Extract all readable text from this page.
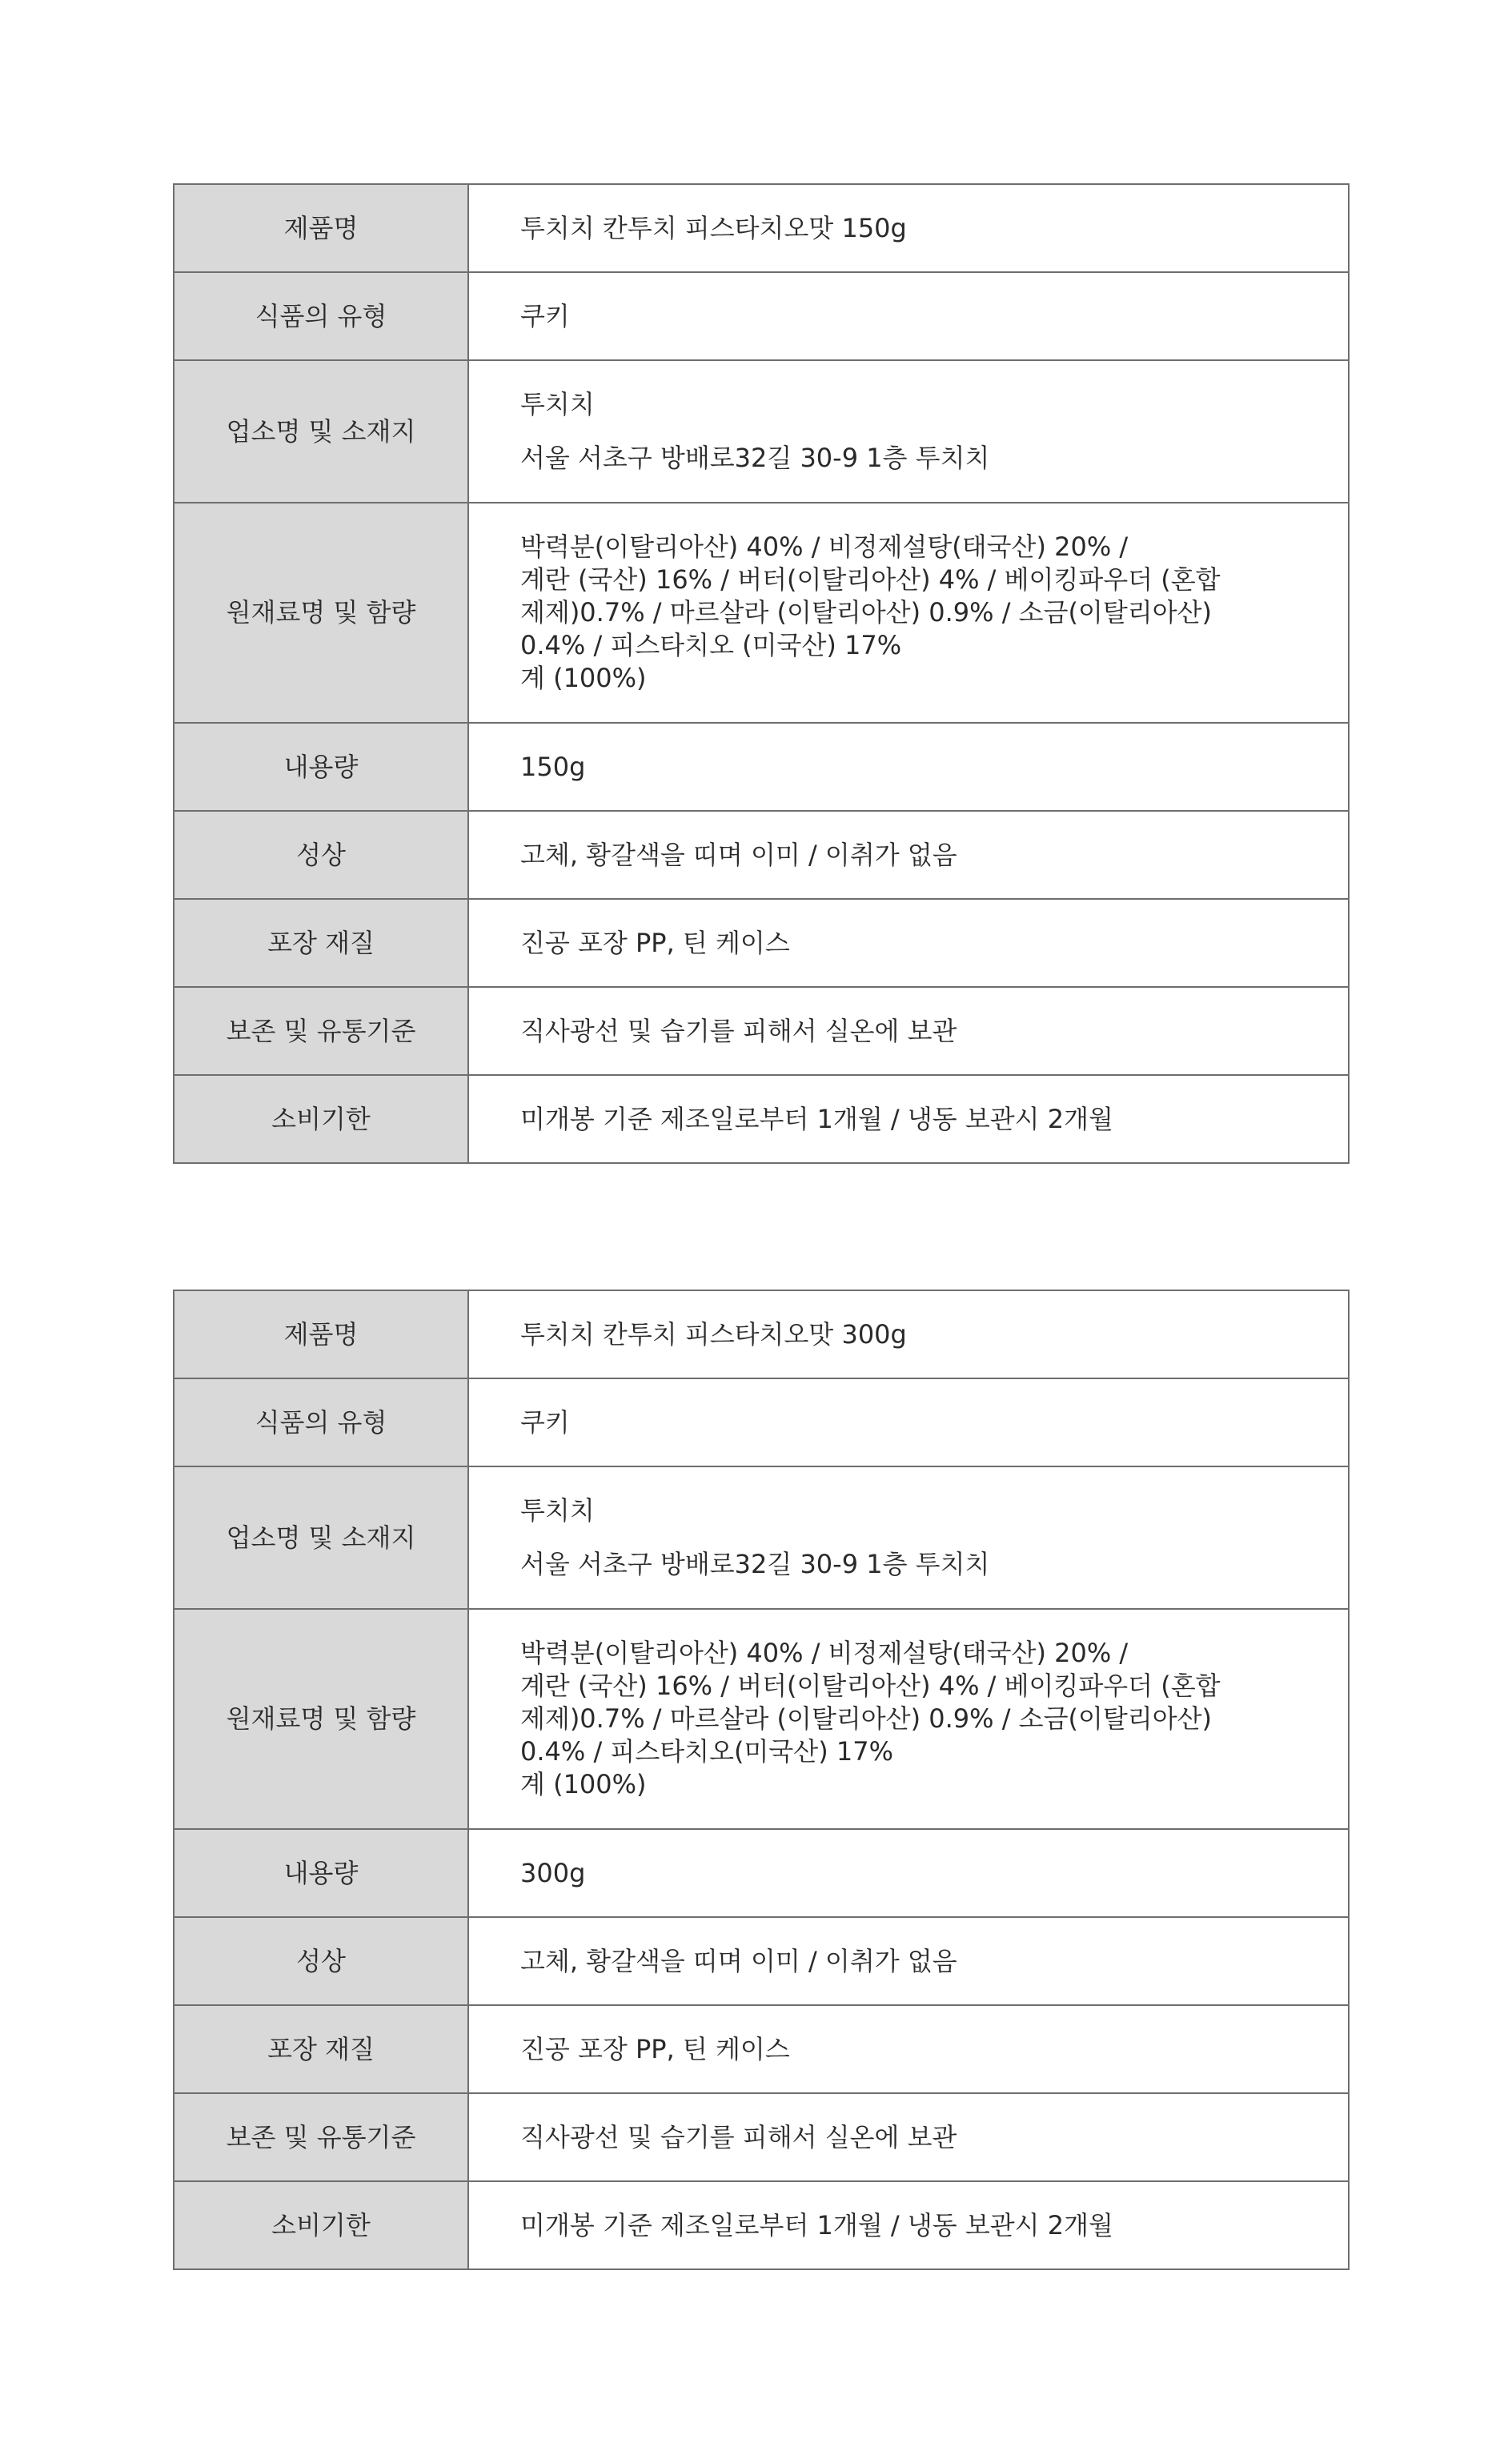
제품명	투치치 칸투치 피스타치오맛 150g
식품의 유형	쿠키
업소명 및 소재지	투치치
서울 서초구 방배로32길 30-9 1층 투치치

원재료명 및 함량	박력분(이탈리아산) 40% / 비정제설탕(태국산) 20% /
계란 (국산) 16% / 버터(이탈리아산) 4% / 베이킹파우더 (혼합
제제)0.7% / 마르살라 (이탈리아산) 0.9% / 소금(이탈리아산)
0.4% / 피스타치오 (미국산) 17%
계 (100%)

내용량	150g
성상	고체, 황갈색을 띠며 이미 / 이취가 없음
포장 재질	진공 포장 PP, 틴 케이스
보존 및 유통기준	직사광선 및 습기를 피해서 실온에 보관
소비기한	미개봉 기준 제조일로부터 1개월 / 냉동 보관시 2개월
제품명	투치치 칸투치 피스타치오맛 300g
식품의 유형	쿠키
업소명 및 소재지	투치치
서울 서초구 방배로32길 30-9 1층 투치치

원재료명 및 함량	박력분(이탈리아산) 40% / 비정제설탕(태국산) 20% /
계란 (국산) 16% / 버터(이탈리아산) 4% / 베이킹파우더 (혼합
제제)0.7% / 마르살라 (이탈리아산) 0.9% / 소금(이탈리아산)
0.4% / 피스타치오(미국산) 17%
계 (100%)

내용량	300g
성상	고체, 황갈색을 띠며 이미 / 이취가 없음
포장 재질	진공 포장 PP, 틴 케이스
보존 및 유통기준	직사광선 및 습기를 피해서 실온에 보관
소비기한	미개봉 기준 제조일로부터 1개월 / 냉동 보관시 2개월
